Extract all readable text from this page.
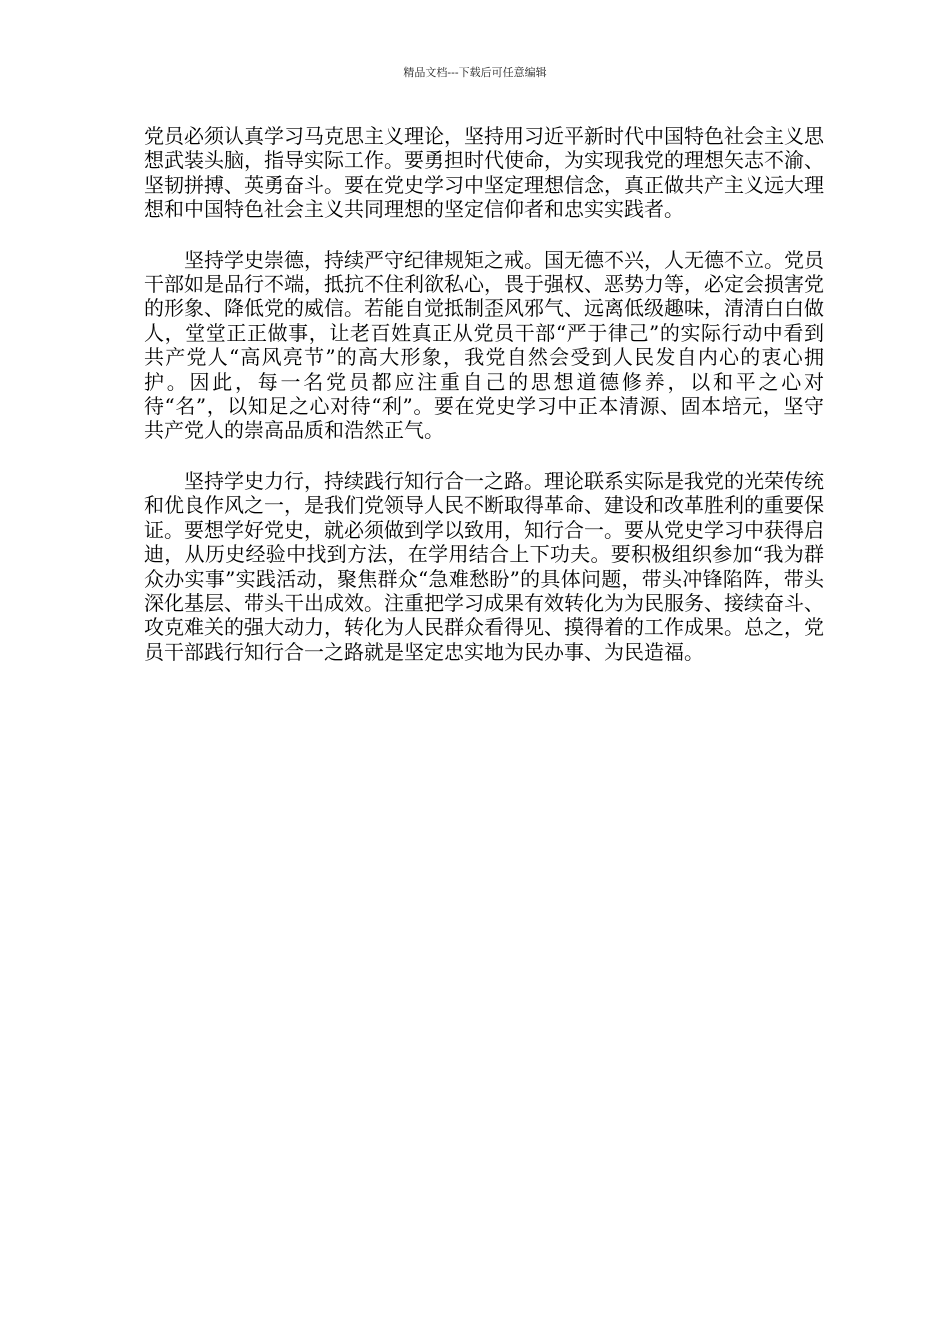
精品文档---下载后可任意编辑

党员必须认真学习马克思主义理论，坚持用习近平新时代中国特色社会主义思想武装头脑，指导实际工作。要勇担时代使命，为实现我党的理想矢志不渝、坚韧拼搏、英勇奋斗。要在党史学习中坚定理想信念，真正做共产主义远大理想和中国特色社会主义共同理想的坚定信仰者和忠实实践者。

坚持学史崇德，持续严守纪律规矩之戒。国无德不兴，人无德不立。党员干部如是品行不端，抵抗不住利欲私心，畏于强权、恶势力等，必定会损害党的形象、降低党的威信。若能自觉抵制歪风邪气、远离低级趣味，清清白白做人，堂堂正正做事，让老百姓真正从党员干部“严于律己”的实际行动中看到共产党人“高风亮节”的高大形象，我党自然会受到人民发自内心的衷心拥护。因此，每一名党员都应注重自己的思想道德修养，以和平之心对待“名”，以知足之心对待“利”。要在党史学习中正本清源、固本培元，坚守共产党人的崇高品质和浩然正气。

坚持学史力行，持续践行知行合一之路。理论联系实际是我党的光荣传统和优良作风之一，是我们党领导人民不断取得革命、建设和改革胜利的重要保证。要想学好党史，就必须做到学以致用，知行合一。要从党史学习中获得启迪，从历史经验中找到方法，在学用结合上下功夫。要积极组织参加“我为群众办实事”实践活动，聚焦群众“急难愁盼”的具体问题，带头冲锋陷阵，带头深化基层、带头干出成效。注重把学习成果有效转化为为民服务、接续奋斗、攻克难关的强大动力，转化为人民群众看得见、摸得着的工作成果。总之，党员干部践行知行合一之路就是坚定忠实地为民办事、为民造福。
